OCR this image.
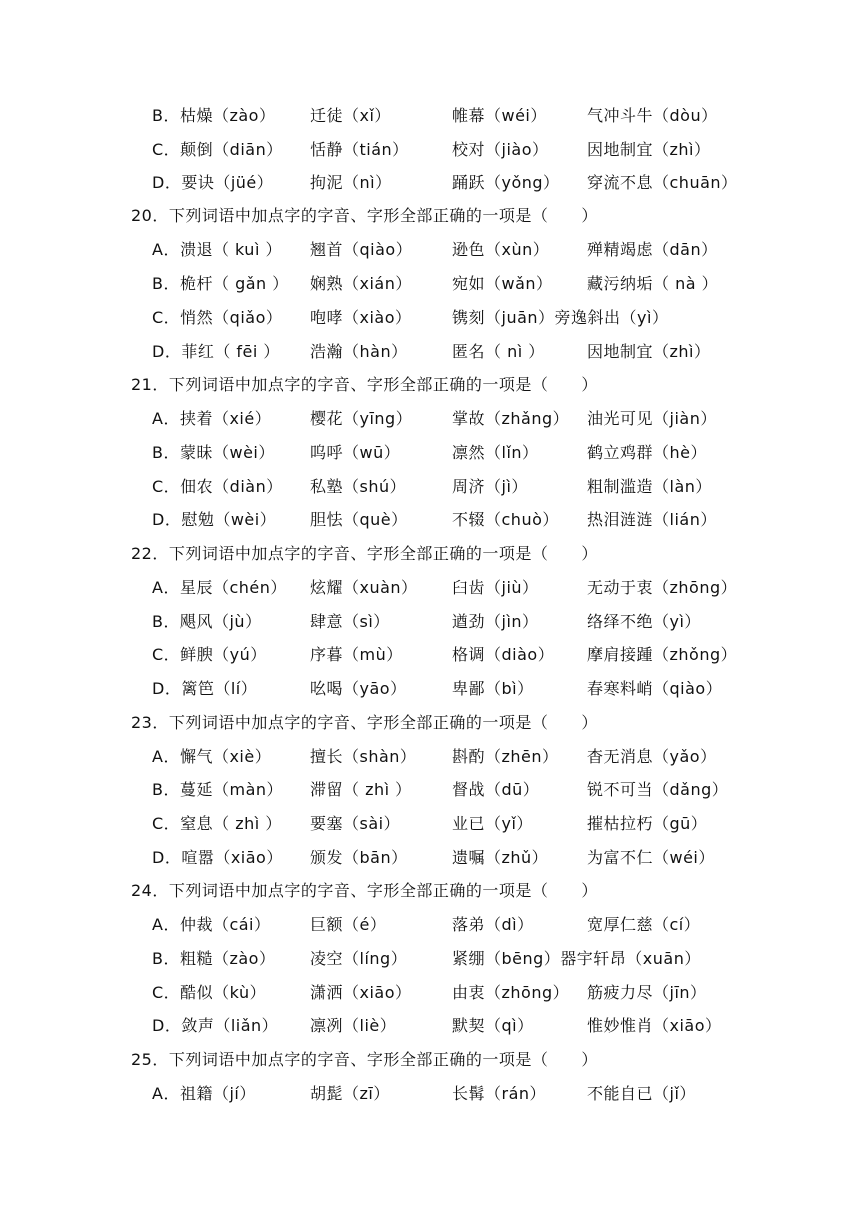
B．枯燥（zào） 迁徒（xǐ）	帷幕（wéi）	气冲斗牛（dòu）
C．颠倒（diān） 恬静（tián）	校对（jiào） 因地制宜（zhì）
D．要诀（jüé） 拘泥（nì）	踊跃（yǒng） 穿流不息（chuān）
20．下列词语中加点字的字音、字形全部正确的一项是（　　）
A．溃退（ kuì ） 翘首（qiào） 逊色（xùn） 殚精竭虑（dān）
B．桅杆（ gǎn ） 娴熟（xián）	宛如（wǎn） 藏污纳垢（ nà ）
C．悄然（qiǎo） 咆哮（xiào）	镌刻（juān）旁逸斜出（yì）
D．菲红（ fēi ） 浩瀚（hàn）	匿名（ nì ）	因地制宜（zhì）
21．下列词语中加点字的字音、字形全部正确的一项是（　　）
A．挟着（xié） 樱花（yīng） 掌故（zhǎng） 油光可见（jiàn）
B．蒙昧（wèi） 呜呼（wū）	凛然（lǐn）	鹤立鸡群（hè）
C．佃农（diàn） 私塾（shú）	周济（jì）	粗制滥造（làn）
D．慰勉（wèi） 胆怯（què）	不辍（chuò） 热泪涟涟（lián）
22．下列词语中加点字的字音、字形全部正确的一项是（　　）
A．星辰（chén） 炫耀（xuàn） 臼齿（jiù）	无动于衷（zhōng）
B．飓风（jù）	肆意（sì）	遒劲（jìn）	络绎不绝（yì）
C．鲜腴（yú）	序暮（mù）	格调（diào） 摩肩接踵（zhǒng）
D．篱笆（lí）	吆喝（yāo）	卑鄙（bì）	春寒料峭（qiào）
23．下列词语中加点字的字音、字形全部正确的一项是（　　）
A．懈气（xiè） 擅长（shàn） 斟酌（zhēn） 杳无消息（yǎo）
B．蔓延（màn） 滞留（ zhì ）	督战（dū）	锐不可当（dǎng）
C．窒息（ zhì ） 要塞（sài）	业已（yǐ）	摧枯拉朽（gū）
D．喧嚣（xiāo） 颁发（bān）	遗嘱（zhǔ） 为富不仁（wéi）
24．下列词语中加点字的字音、字形全部正确的一项是（　　）
A．仲裁（cái） 巨额（é）	落弟（dì）	宽厚仁慈（cí）
B．粗糙（zào） 凌空（líng）	紧绷（bēng）器宇轩昂（xuān）
C．酷似（kù）	潇洒（xiāo）	由衷（zhōng） 筋疲力尽（jīn）
D．敛声（liǎn） 凛冽（liè）	默契（qì）	惟妙惟肖（xiāo）
25．下列词语中加点字的字音、字形全部正确的一项是（　　）
A．祖籍（jí）	胡髭（zī）	长髯（rán）	不能自已（jǐ）
